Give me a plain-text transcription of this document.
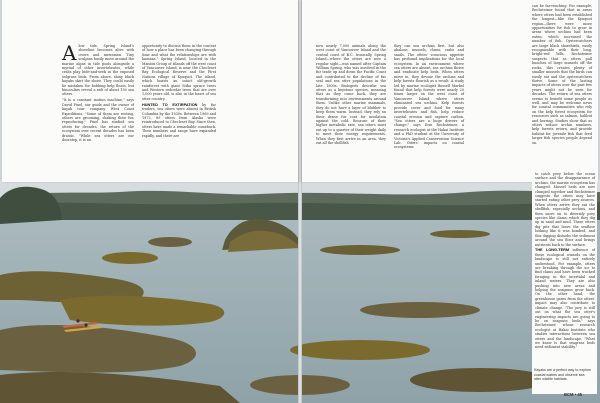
Alow tide, Spring Island's shoreline becomes alive with crows and mewsmen. Tiny sculpins busily move around the marine algae in tide pools alongside a myriad of other invertebrates, while crabs play hide-and-seek in the exposed eelgrass beds. From above, shiny black kayaks skirt the shore. They could easily be mistaken for bobbing kelp floats, but binoculars reveal a raft of about 150 sea otters.

"It is a constant motion machine," says David Pinel, our guide and the owner of kayak tour company West Coast Expeditions. "Some of them are resting, others are grooming, shaking their fur, reproducing." Pinel has studied sea otters for decades, the return of the ecosystem over recent decades has been drastic. "While sea otters are our doorstep, it is an

opportunity to discuss them in the context of how a place has been changing through time and what the relationships are with humans." Spring Island, located in the Mission Group of islands off the west coast of Vancouver Island, is near the Checleset Bay Ecological Reserve and the First Nations village of Kyuquot. The island, which boasts an intact old-growth rainforest with giant Sitka spruce trees and Western redcedar trees that are over 1,000 years old, is also in the heart of sea otter country.

HUNTED TO EXTIRPATION by fur traders, sea otters were absent in British Columbia by the 1930s. Between 1969 and 1972, 89 otters from Alaska were reintroduced to Checleset Bay. Since then, otters have made a remarkable comeback. Their numbers and range have expanded rapidly, and there are

now nearly 7,000 animals along the west coast of Vancouver Island and the central coast of B.C. Ironically, Spring Island—where the otters are now a regular sight—was named after Captain William Spring, who was involved in the fur trade up and down the Pacific Coast and contributed to the decline of fur seal and sea otter populations in the late 1800s. Biologists describe sea otters as a keystone species, meaning that as they come back, they are transforming into environments around them. Unlike other marine mammals, they do not have a layer of blubber to keep them warm. Instead, they rely on their dense fur coat for insulation against the cold. Because of their higher metabolic rate, sea otters must eat up to a quarter of their weight daily to meet their energy requirements. When they first arrive in an area, they eat all the shellfish

they can sea urchins first, but also abalone, mussels, clams, crabs and snails. The otters' voracious appetite has profound implications for the local ecosystem. In an environment where sea otters are absent, sea urchins thrive and eradicate kelp beds. When otters move in, they devour the urchins and kelp forests flourish as a result. A study led by marine ecologist Russell Markel found that kelp forests were nearly 20 times larger on the west coast of Vancouver Island where otters eliminated sea urchins. Kelp forests provide cover and food for many invertebrates and fish, help reduce coastal erosion and capture carbon. "Sea otters are a huge drivers of change," says Erin Rechsteiner, a research ecologist at the Hakai Institute and a PhD student at the University of Victoria's Applied Conservation Science Lab. Otters' impacts on coastal ecosystems

can be far-reaching. For example, Rechsteiner found that in areas where otters had been established the longest—like the Kyuquot region—there were more opportunities for fish to grow in areas where urchins had been eaten, which increased the number of fish. Oystercatchers are large black shorebirds, easily recognizable with their long, bright-red bills. Rechsteiner suspects that as otters pull bunches of large mussels off the rocks, this creates plenty of smaller mussels that the birds can easily eat and the oystercatchers thrive. Some of the lasting impacts of otters over the past few years might not be seen for decades. The return of sea otters seems to benefit some people as well, and may be welcome news for coastal communities who rely on the kelp forest ecosystem for resources such as salmon, halibut and herring. Studies show that as otters reduce urchin numbers, kelp forests return, and provide habitat for juvenile fish that feed larger fish species people depend on.

to catch prey below the ocean surface and the disappearance of urchins, the marine ecosystem has changed. Mussel beds are now clumped together and Rechsteiner suggests the otters may have started eating other prey sources. When otters arrive they eat the shellfish, especially urchins, and then move on to diversify prey species like clams, which they dig up in sand and mud. These otters dig pits that leave the seafloor looking like it was bombed, and this digging disturbs the sediment around the sea floor and brings nutrients back to the surface.

THE LONG-TERM influence of these ecological wizards on the landscape is still not entirely understood. For example, otters are breaking through the ice to find clams and have been tracked foraging in the intertidal and inland waters. They are also pushing into new areas and helping the seagrass grow back. On the other hand, the greenhouse gases from the otters' impact may also contribute to climate change. "The jury is still out on what the sea otter's engineering impacts are going to be on seagrass beds," says Rechsteiner, whose research ecologist at Hakai Institute who studies interactions between sea otters and the landscape, "What we know is that seagrass beds need sediment stability."

Kayaks are a perfect way to explore coastal waters and observe sea otter wildlife habitats.
BCM • 45
